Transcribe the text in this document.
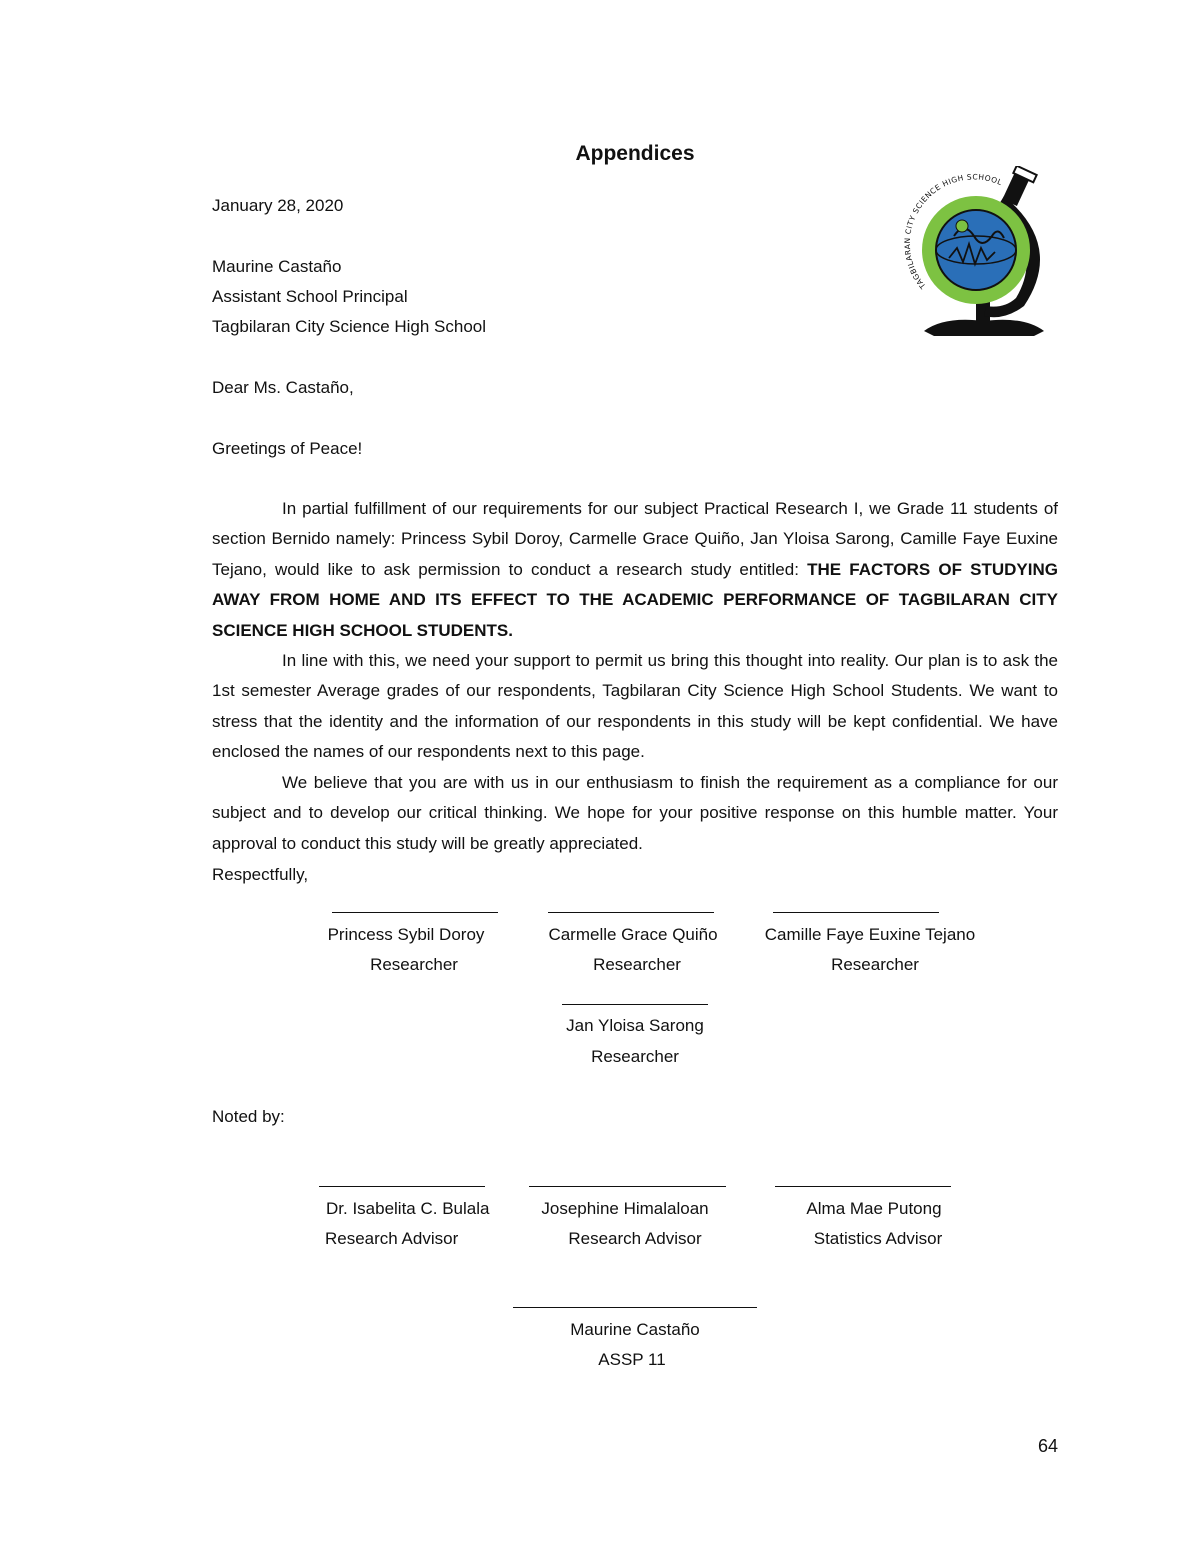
Appendices
TAGBILAR CITY SCIENCE HIGH SCHOOL
January 28, 2020
Maurine Castaño
Assistant School Principal
Tagbilaran City Science High School
Dear Ms. Castaño,
Greetings of Peace!

In partial fulfillment of our requirements for our subject Practical Research I, we Grade 11 students of section Bernido namely: Princess Sybil Doroy, Carmelle Grace Quiño, Jan Yloisa Sarong, Camille Faye Euxine Tejano, would like to ask permission to conduct a research study entitled: THE FACTORS OF STUDYING AWAY FROM HOME AND ITS EFFECT TO THE ACADEMIC PERFORMANCE OF TAGBILARAN CITY SCIENCE HIGH SCHOOL STUDENTS.

In line with this, we need your support to permit us bring this thought into reality. Our plan is to ask the 1st semester Average grades of our respondents, Tagbilaran City Science High School Students. We want to stress that the identity and the information of our respondents in this study will be kept confidential. We have enclosed the names of our respondents next to this page.

We believe that you are with us in our enthusiasm to finish the requirement as a compliance for our subject and to develop our critical thinking. We hope for your positive response on this humble matter. Your approval to conduct this study will be greatly appreciated.

Respectfully,
Princess Sybil Doroy
Researcher
Carmelle Grace Quiño
Researcher
Camille Faye Euxine Tejano
Researcher
Jan Yloisa Sarong
Researcher
Noted by:
Dr. Isabelita C. Bulala
Research Advisor
Josephine Himalaloan
Research Advisor
Alma Mae Putong
Statistics Advisor
Maurine Castaño
ASSP 11
64
